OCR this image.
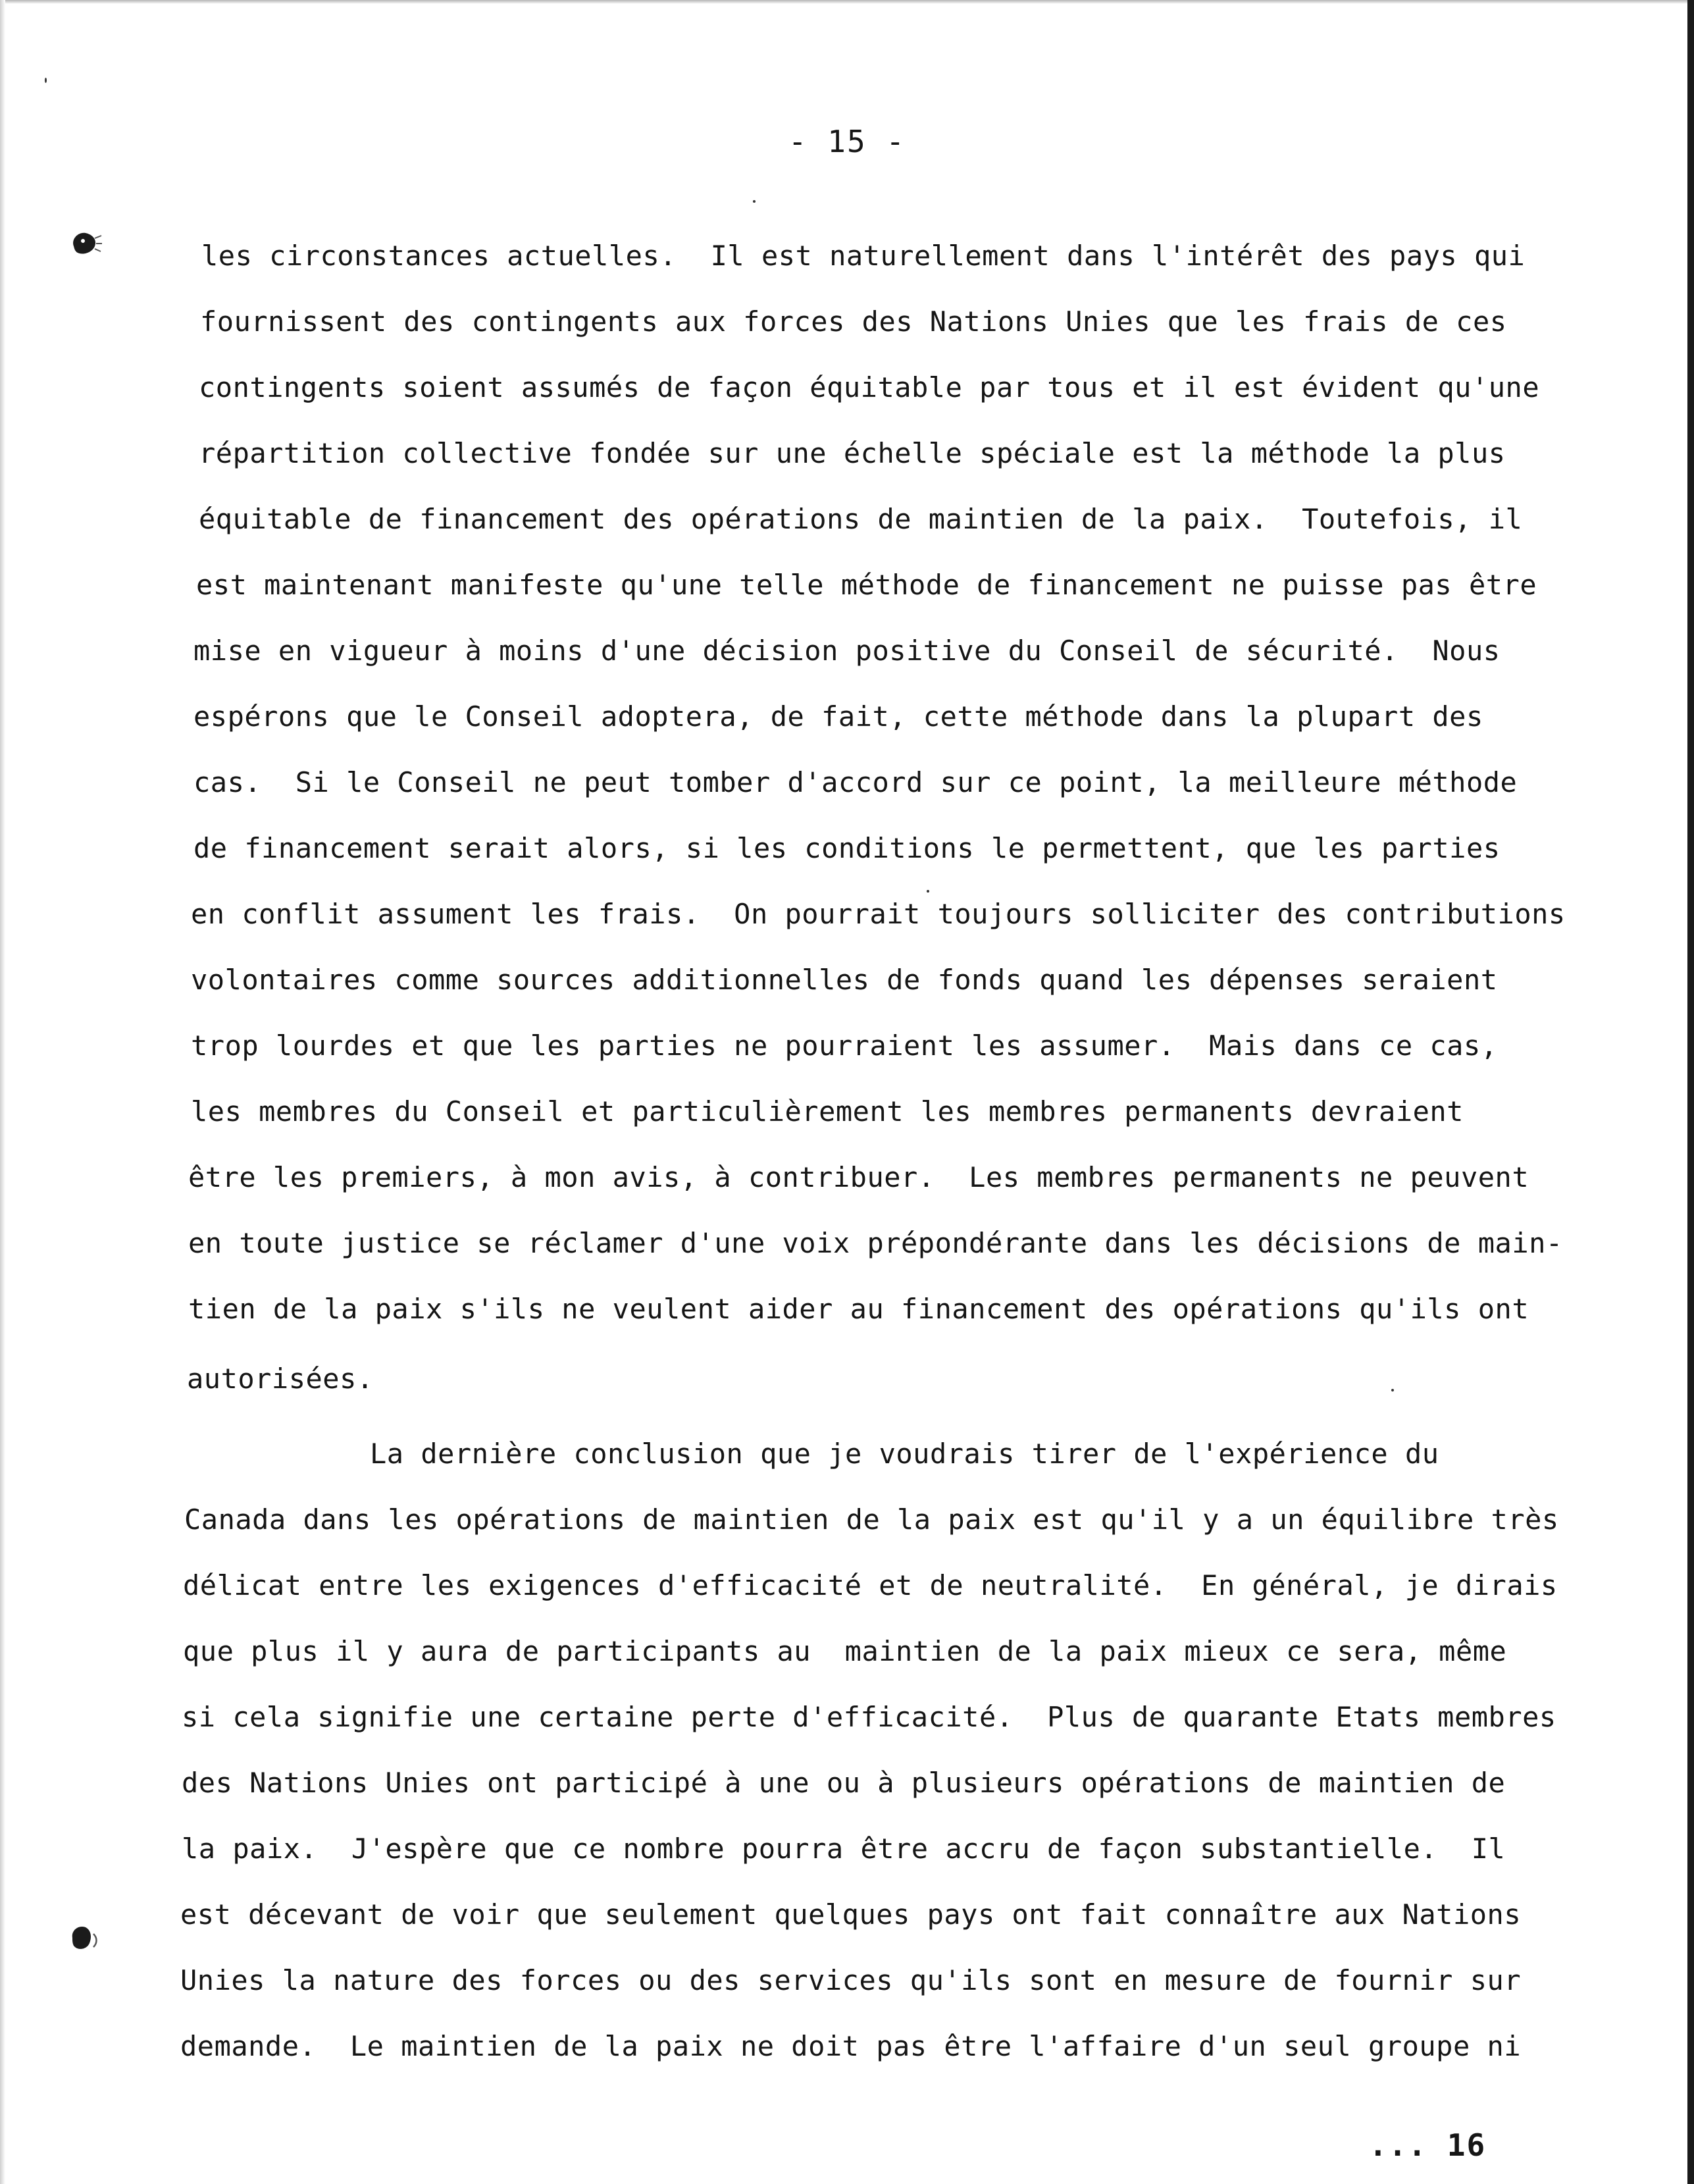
- 15 -
les circonstances actuelles.  Il est naturellement dans l'intérêt des pays qui
fournissent des contingents aux forces des Nations Unies que les frais de ces
contingents soient assumés de façon équitable par tous et il est évident qu'une
répartition collective fondée sur une échelle spéciale est la méthode la plus
équitable de financement des opérations de maintien de la paix.  Toutefois, il
est maintenant manifeste qu'une telle méthode de financement ne puisse pas être
mise en vigueur à moins d'une décision positive du Conseil de sécurité.  Nous
espérons que le Conseil adoptera, de fait, cette méthode dans la plupart des
cas.  Si le Conseil ne peut tomber d'accord sur ce point, la meilleure méthode
de financement serait alors, si les conditions le permettent, que les parties
en conflit assument les frais.  On pourrait toujours solliciter des contributions
volontaires comme sources additionnelles de fonds quand les dépenses seraient
trop lourdes et que les parties ne pourraient les assumer.  Mais dans ce cas,
les membres du Conseil et particulièrement les membres permanents devraient
être les premiers, à mon avis, à contribuer.  Les membres permanents ne peuvent
en toute justice se réclamer d'une voix prépondérante dans les décisions de main-
tien de la paix s'ils ne veulent aider au financement des opérations qu'ils ont
autorisées.
La dernière conclusion que je voudrais tirer de l'expérience du
Canada dans les opérations de maintien de la paix est qu'il y a un équilibre très
délicat entre les exigences d'efficacité et de neutralité.  En général, je dirais
que plus il y aura de participants au  maintien de la paix mieux ce sera, même
si cela signifie une certaine perte d'efficacité.  Plus de quarante Etats membres
des Nations Unies ont participé à une ou à plusieurs opérations de maintien de
la paix.  J'espère que ce nombre pourra être accru de façon substantielle.  Il
est décevant de voir que seulement quelques pays ont fait connaître aux Nations
Unies la nature des forces ou des services qu'ils sont en mesure de fournir sur
demande.  Le maintien de la paix ne doit pas être l'affaire d'un seul groupe ni
... 16
